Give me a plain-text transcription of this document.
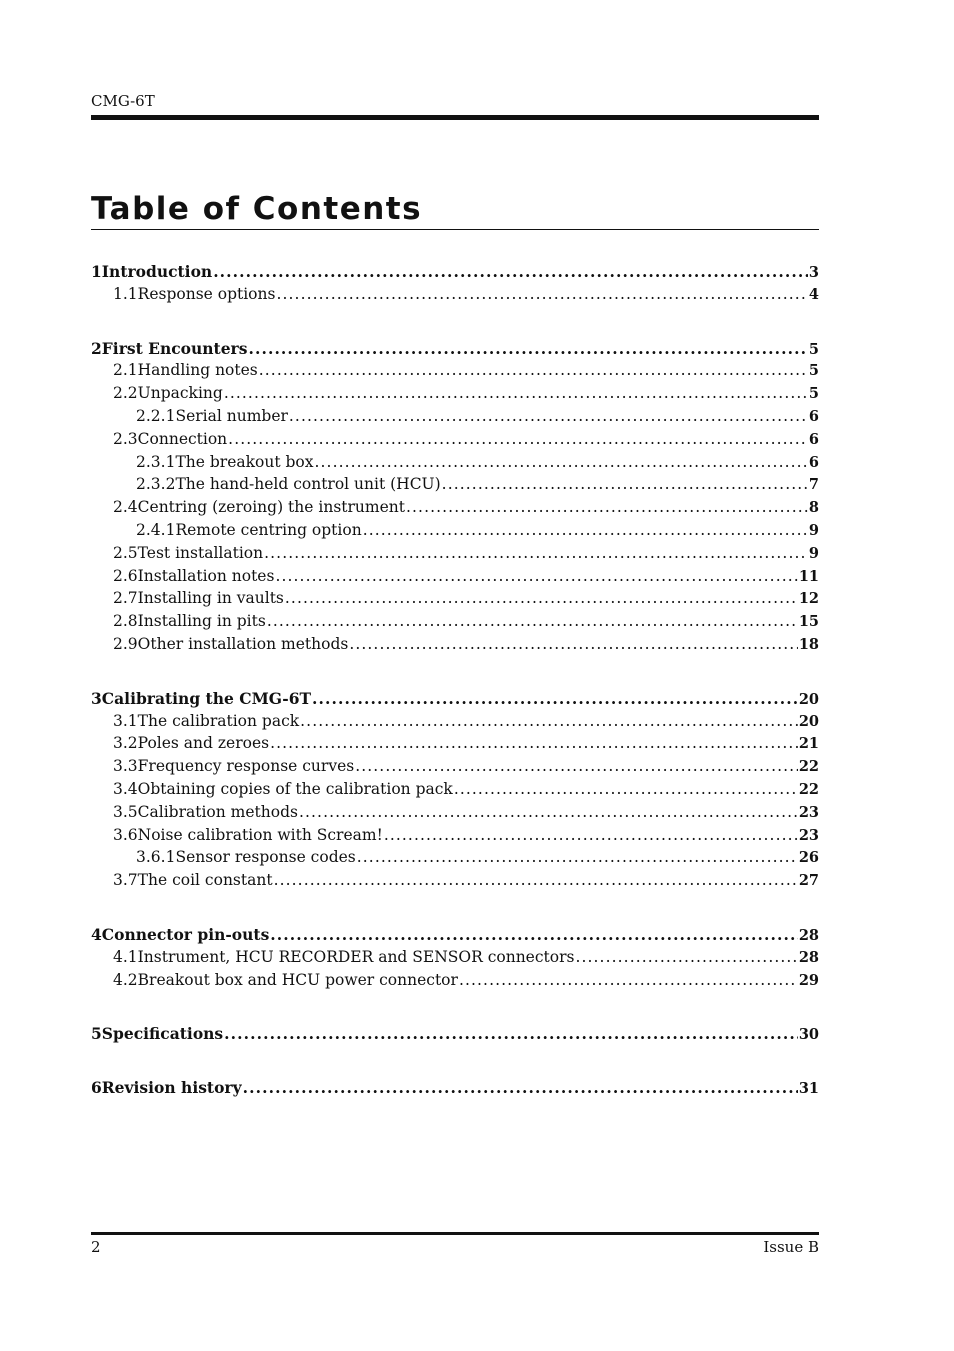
CMG-6T
Table of Contents
1 Introduction .....	3
1.1 Response options .....	4
2 First Encounters .....	5
2.1 Handling notes .....	5
2.2 Unpacking .....	5
2.2.1 Serial number .....	6
2.3 Connection .....	6
2.3.1 The breakout box .....	6
2.3.2 The hand-held control unit (HCU) .....	7
2.4 Centring (zeroing) the instrument .....	8
2.4.1 Remote centring option .....	9
2.5 Test installation .....	9
2.6 Installation notes .....	11
2.7 Installing in vaults .....	12
2.8 Installing in pits .....	15
2.9 Other installation methods .....	18
3 Calibrating the CMG-6T .....	20
3.1 The calibration pack .....	20
3.2 Poles and zeroes .....	21
3.3 Frequency response curves .....	22
3.4 Obtaining copies of the calibration pack .....	22
3.5 Calibration methods .....	23
3.6 Noise calibration with Scream! .....	23
3.6.1 Sensor response codes .....	26
3.7 The coil constant .....	27
4 Connector pin-outs .....	28
4.1 Instrument, HCU RECORDER and SENSOR connectors .....	28
4.2 Breakout box and HCU power connector .....	29
5 Specifications .....	30
6 Revision history .....	31
2	Issue B
